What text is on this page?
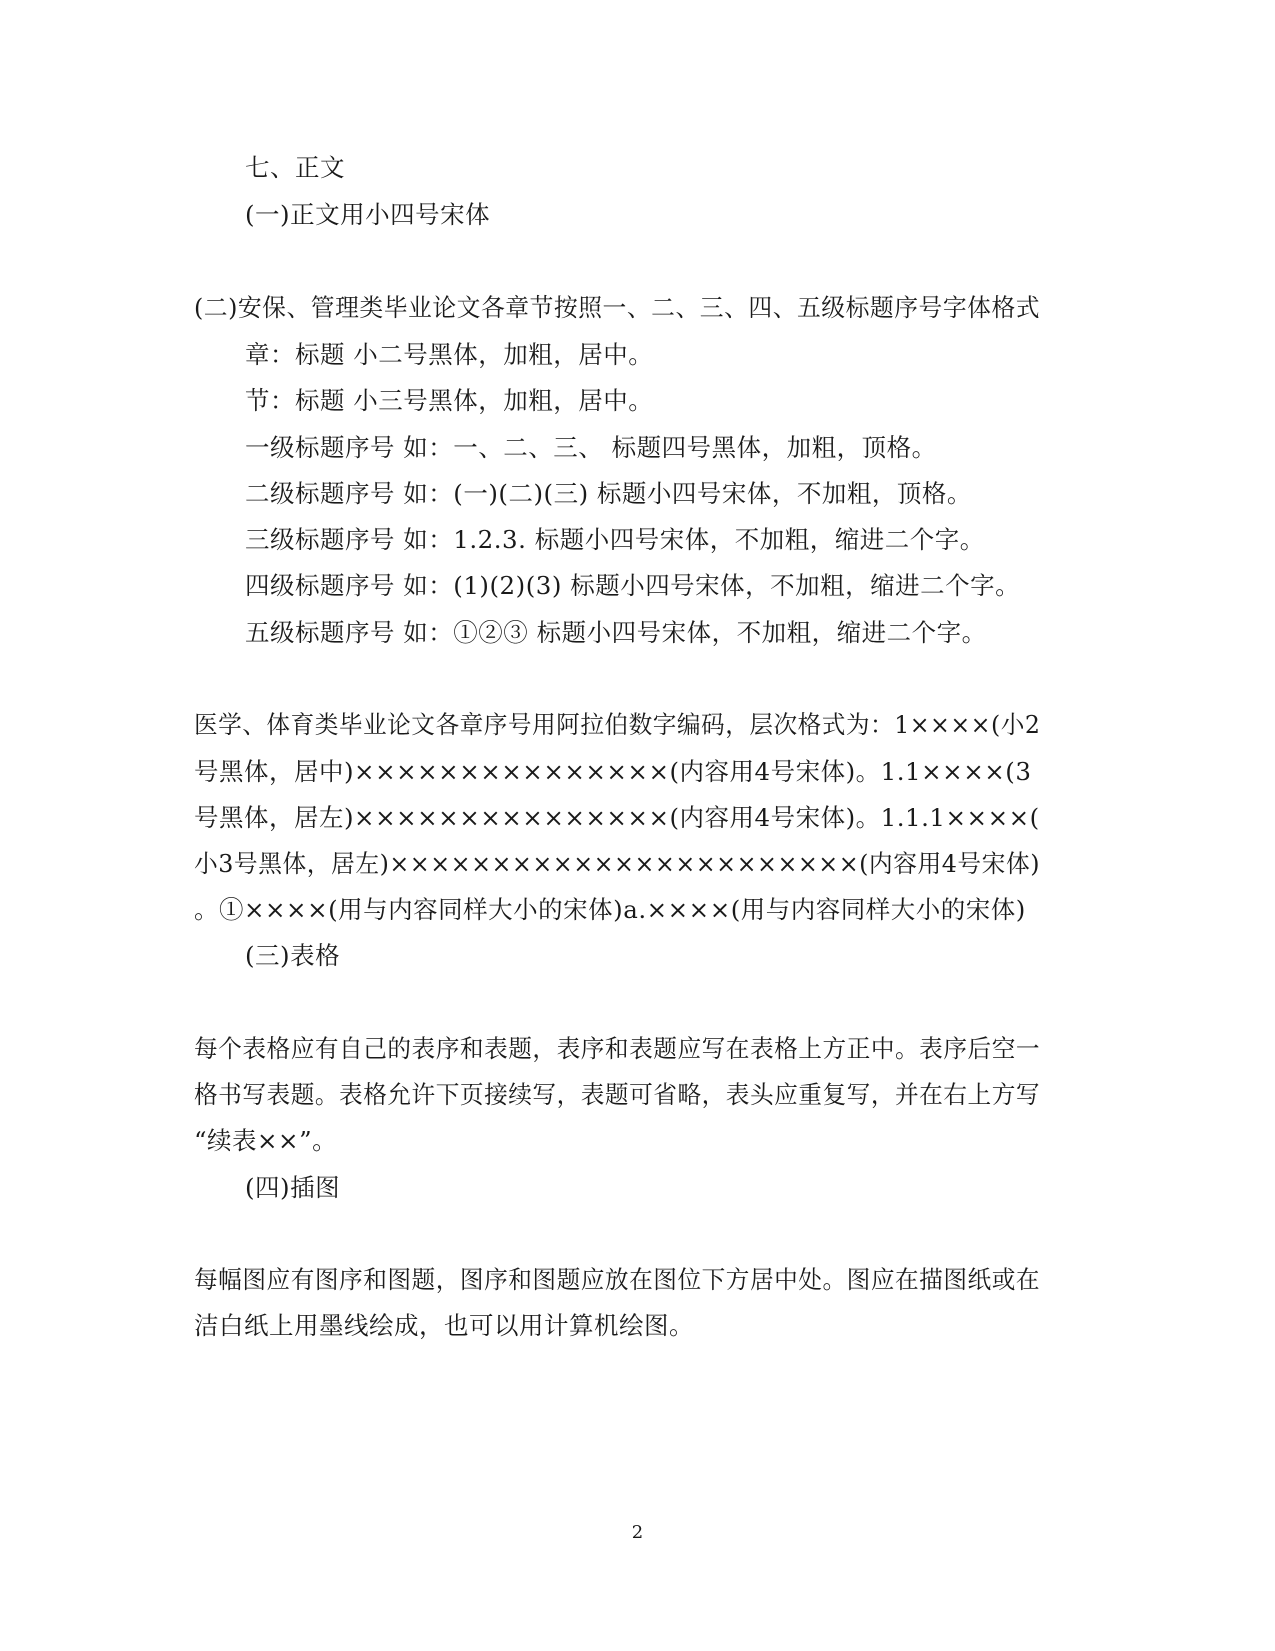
七、正文
(一)正文用小四号宋体
(二)安保、管理类毕业论文各章节按照一、二、三、四、五级标题序号字体格式
章：标题 小二号黑体，加粗，居中。
节：标题 小三号黑体，加粗，居中。
一级标题序号 如：一、二、三、 标题四号黑体，加粗，顶格。
二级标题序号 如：(一)(二)(三) 标题小四号宋体，不加粗，顶格。
三级标题序号 如：1.2.3. 标题小四号宋体，不加粗，缩进二个字。
四级标题序号 如：(1)(2)(3) 标题小四号宋体，不加粗，缩进二个字。
五级标题序号 如：①②③ 标题小四号宋体，不加粗，缩进二个字。
医学、体育类毕业论文各章序号用阿拉伯数字编码，层次格式为：1××××(小2
号黑体，居中)×××××××××××××××(内容用4号宋体)。1.1××××(3
号黑体，居左)×××××××××××××××(内容用4号宋体)。1.1.1××××(
小3号黑体，居左)×××××××××××××××××××××××(内容用4号宋体)
。①××××(用与内容同样大小的宋体)a.××××(用与内容同样大小的宋体)
(三)表格
每个表格应有自己的表序和表题，表序和表题应写在表格上方正中。表序后空一
格书写表题。表格允许下页接续写，表题可省略，表头应重复写，并在右上方写
“续表××”。
(四)插图
每幅图应有图序和图题，图序和图题应放在图位下方居中处。图应在描图纸或在
洁白纸上用墨线绘成，也可以用计算机绘图。
2
